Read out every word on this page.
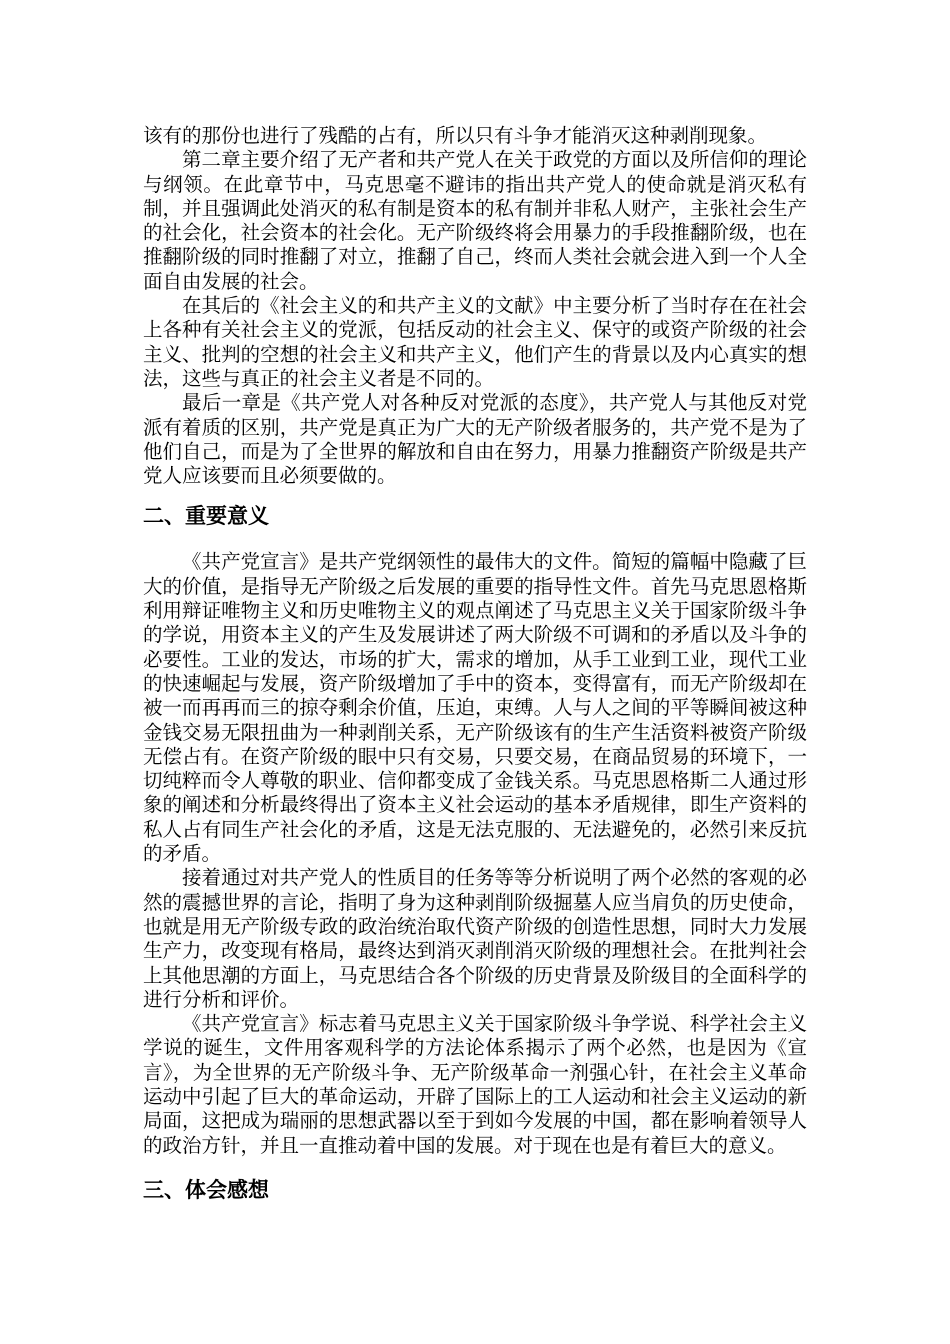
该有的那份也进行了残酷的占有，所以只有斗争才能消灭这种剥削现象。

第二章主要介绍了无产者和共产党人在关于政党的方面以及所信仰的理论与纲领。在此章节中，马克思毫不避讳的指出共产党人的使命就是消灭私有制，并且强调此处消灭的私有制是资本的私有制并非私人财产，主张社会生产的社会化，社会资本的社会化。无产阶级终将会用暴力的手段推翻阶级，也在推翻阶级的同时推翻了对立，推翻了自己，终而人类社会就会进入到一个人全面自由发展的社会。

在其后的《社会主义的和共产主义的文献》中主要分析了当时存在在社会上各种有关社会主义的党派，包括反动的社会主义、保守的或资产阶级的社会主义、批判的空想的社会主义和共产主义，他们产生的背景以及内心真实的想法，这些与真正的社会主义者是不同的。

最后一章是《共产党人对各种反对党派的态度》，共产党人与其他反对党派有着质的区别，共产党是真正为广大的无产阶级者服务的，共产党不是为了他们自己，而是为了全世界的解放和自由在努力，用暴力推翻资产阶级是共产党人应该要而且必须要做的。

二、重要意义

《共产党宣言》是共产党纲领性的最伟大的文件。简短的篇幅中隐藏了巨大的价值，是指导无产阶级之后发展的重要的指导性文件。首先马克思恩格斯利用辩证唯物主义和历史唯物主义的观点阐述了马克思主义关于国家阶级斗争的学说，用资本主义的产生及发展讲述了两大阶级不可调和的矛盾以及斗争的必要性。工业的发达，市场的扩大，需求的增加，从手工业到工业，现代工业的快速崛起与发展，资产阶级增加了手中的资本，变得富有，而无产阶级却在被一而再再而三的掠夺剩余价值，压迫，束缚。人与人之间的平等瞬间被这种金钱交易无限扭曲为一种剥削关系，无产阶级该有的生产生活资料被资产阶级无偿占有。在资产阶级的眼中只有交易，只要交易，在商品贸易的环境下，一切纯粹而令人尊敬的职业、信仰都变成了金钱关系。马克思恩格斯二人通过形象的阐述和分析最终得出了资本主义社会运动的基本矛盾规律，即生产资料的私人占有同生产社会化的矛盾，这是无法克服的、无法避免的，必然引来反抗的矛盾。

接着通过对共产党人的性质目的任务等等分析说明了两个必然的客观的必然的震撼世界的言论，指明了身为这种剥削阶级掘墓人应当肩负的历史使命，也就是用无产阶级专政的政治统治取代资产阶级的创造性思想，同时大力发展生产力，改变现有格局，最终达到消灭剥削消灭阶级的理想社会。在批判社会上其他思潮的方面上，马克思结合各个阶级的历史背景及阶级目的全面科学的进行分析和评价。

《共产党宣言》标志着马克思主义关于国家阶级斗争学说、科学社会主义学说的诞生，文件用客观科学的方法论体系揭示了两个必然，也是因为《宣言》，为全世界的无产阶级斗争、无产阶级革命一剂强心针，在社会主义革命运动中引起了巨大的革命运动，开辟了国际上的工人运动和社会主义运动的新局面，这把成为瑞丽的思想武器以至于到如今发展的中国，都在影响着领导人的政治方针，并且一直推动着中国的发展。对于现在也是有着巨大的意义。

三、体会感想
